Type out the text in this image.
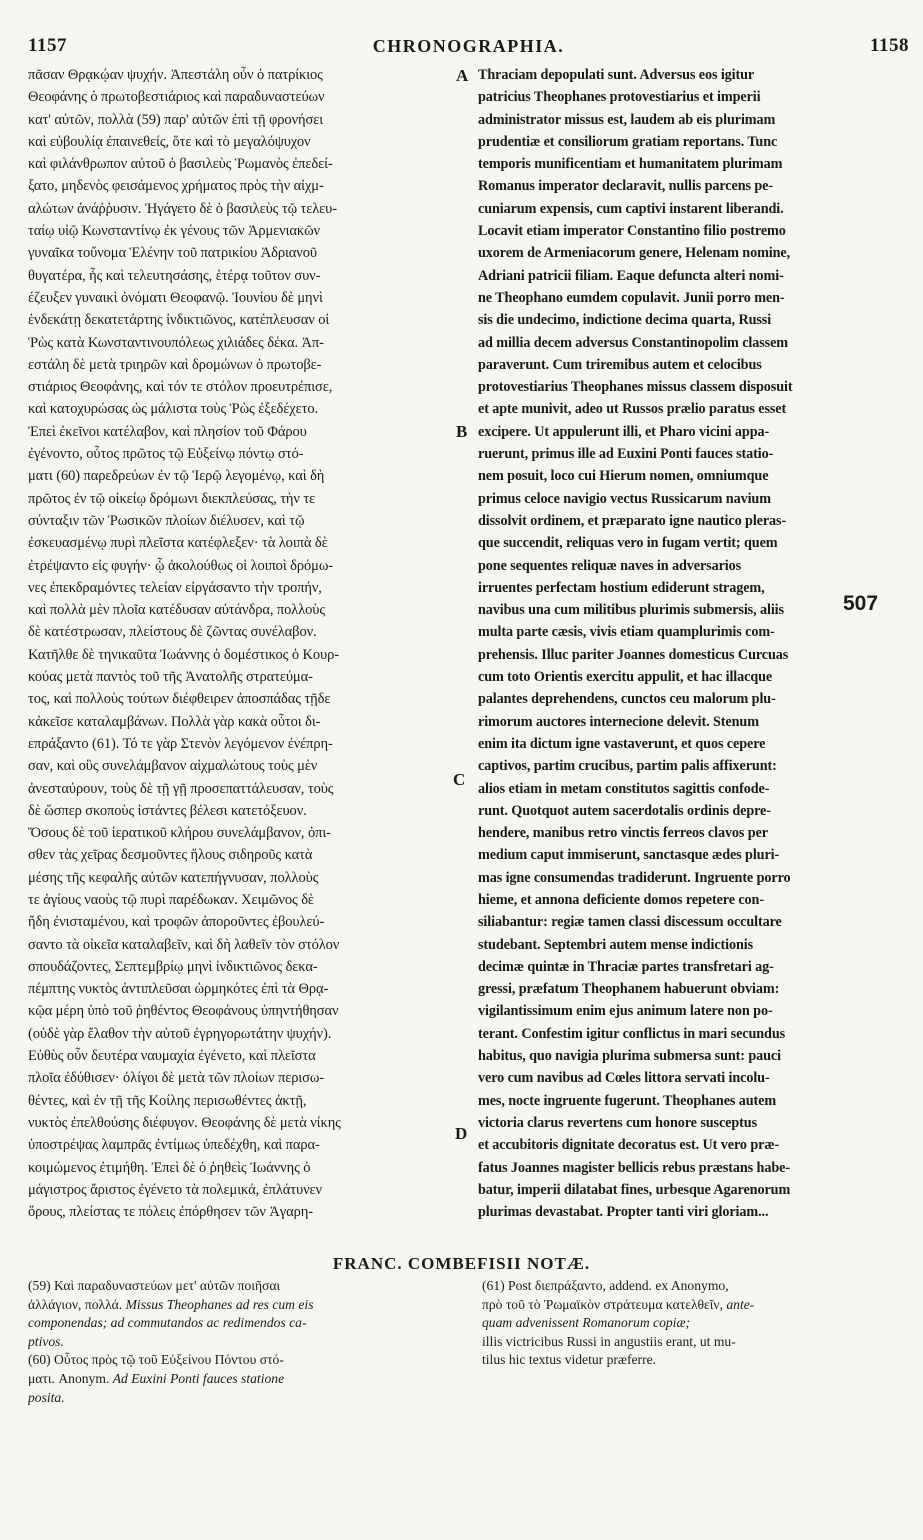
1157	CHRONOGRAPHIA.	1158
πᾶσαν Θρᾳκῴαν ψυχήν. Ἀπεστάλη οὖν ὁ πατρίκιος
Θεοφάνης ὁ πρωτοβεστιάριος καὶ παραδυναστεύων
κατ' αὐτῶν, πολλὰ (59) παρ' αὐτῶν ἐπὶ τῇ φρονήσει
καὶ εὐβουλίᾳ ἐπαινεθείς, ὅτε καὶ τὸ μεγαλόψυχον
καὶ φιλάνθρωπον αὐτοῦ ὁ βασιλεὺς Ῥωμανὸς ἐπεδεί-
ξατο, μηδενὸς φεισάμενος χρήματος πρὸς τὴν αἰχμ-
αλώτων ἀνάῤῥυσιν. Ἠγάγετο δὲ ὁ βασιλεὺς τῷ τελευ-
ταίῳ υἱῷ Κωνσταντίνῳ ἐκ γένους τῶν Ἀρμενιακῶν
γυναῖκα τοὔνομα Ἑλένην τοῦ πατρικίου Ἀδριανοῦ
θυγατέρα, ἧς καὶ τελευτησάσης, ἑτέρᾳ τοῦτον συν-
έζευξεν γυναικὶ ὀνόματι Θεοφανῷ. Ἰουνίου δὲ μηνὶ
ἑνδεκάτῃ δεκατετάρτης ἰνδικτιῶνος, κατέπλευσαν οἱ
Ῥὼς κατὰ Κωνσταντινουπόλεως χιλιάδες δέκα. Ἀπ-
εστάλη δὲ μετὰ τριηρῶν καὶ δρομώνων ὁ πρωτοβε-
στιάριος Θεοφάνης, καὶ τόν τε στόλον προευτρέπισε,
καὶ κατοχυρώσας ὡς μάλιστα τοὺς Ῥὼς ἐξεδέχετο.
Ἐπεὶ ἐκεῖνοι κατέλαβον, καὶ πλησίον τοῦ Φάρου
ἐγένοντο, οὗτος πρῶτος τῷ Εὐξείνῳ πόντῳ στό-
ματι (60) παρεδρεύων ἐν τῷ Ἱερῷ λεγομένῳ, καὶ δὴ
πρῶτος ἐν τῷ οἰκείῳ δρόμωνι διεκπλεύσας, τὴν τε
σύνταξιν τῶν Ῥωσικῶν πλοίων διέλυσεν, καὶ τῷ
ἐσκευασμένῳ πυρὶ πλεῖστα κατέφλεξεν· τὰ λοιπὰ δὲ
ἐτρέψαντο εἰς φυγήν· ᾧ ἀκολούθως οἱ λοιποὶ δρόμω-
νες ἐπεκδραμόντες τελείαν εἰργάσαντο τὴν τροπήν,
καὶ πολλὰ μὲν πλοῖα κατέδυσαν αὐτάνδρα, πολλοὺς
δὲ κατέστρωσαν, πλείστους δὲ ζῶντας συνέλαβον.
Κατῆλθε δὲ τηνικαῦτα Ἰωάννης ὁ δομέστικος ὁ Κουρ-
κούας μετὰ παντὸς τοῦ τῆς Ἀνατολῆς στρατεύμα-
τος, καὶ πολλοὺς τούτων διέφθειρεν ἀποσπάδας τῇδε
κἀκεῖσε καταλαμβάνων. Πολλὰ γὰρ κακὰ οὗτοι δι-
επράξαντο (61). Τό τε γὰρ Στενὸν λεγόμενον ἐνέπρη-
σαν, καὶ οὓς συνελάμβανον αἰχμαλώτους τοὺς μὲν
ἀνεσταύρουν, τοὺς δὲ τῇ γῇ προσεπαττάλευσαν, τοὺς
δὲ ὥσπερ σκοποὺς ἱστάντες βέλεσι κατετόξευον.
Ὅσους δὲ τοῦ ἱερατικοῦ κλήρου συνελάμβανον, ὀπι-
σθεν τὰς χεῖρας δεσμοῦντες ἥλους σιδηροῦς κατὰ
μέσης τῆς κεφαλῆς αὐτῶν κατεπήγνυσαν, πολλοὺς
τε ἁγίους ναοὺς τῷ πυρὶ παρέδωκαν. Χειμῶνος δὲ
ἤδη ἐνισταμένου, καὶ τροφῶν ἀποροῦντες ἐβουλεύ-
σαντο τὰ οἰκεῖα καταλαβεῖν, καὶ δὴ λαθεῖν τὸν στόλον
σπουδάζοντες, Σεπτεμβρίῳ μηνὶ ἰνδικτιῶνος δεκα-
πέμπτης νυκτὸς ἀντιπλεῦσαι ὡρμηκότες ἐπὶ τὰ Θρᾳ-
κῷα μέρη ὑπὸ τοῦ ῥηθέντος Θεοφάνους ὑπηντήθησαν
(οὐδὲ γὰρ ἔλαθον τὴν αὐτοῦ ἐγρηγορωτάτην ψυχήν).
Εὐθὺς οὖν δευτέρα ναυμαχία ἐγένετο, καὶ πλεῖστα
πλοῖα ἐδύθισεν· ὀλίγοι δὲ μετὰ τῶν πλοίων περισω-
θέντες, καὶ ἐν τῇ τῆς Κοίλης περισωθέντες ἀκτῇ,
νυκτὸς ἐπελθούσης διέφυγον. Θεοφάνης δὲ μετὰ νίκης
ὑποστρέψας λαμπρᾶς ἐντίμως ὑπεδέχθη, καὶ παρα-
κοιμώμενος ἐτιμήθη. Ἐπεὶ δὲ ὁ ῥηθεὶς Ἰωάννης ὁ
μάγιστρος ἄριστος ἐγένετο τὰ πολεμικά, ἐπλάτυνεν
ὅρους, πλείστας τε πόλεις ἐπόρθησεν τῶν Ἀγαρη-
Thraciam depopulati sunt. Adversus eos igitur
patricius Theophanes protovestiarius et imperii
administrator missus est, laudem ab eis plurimam
prudentiæ et consiliorum gratiam reportans. Tunc
temporis munificentiam et humanitatem plurimam
Romanus imperator declaravit, nullis parcens pe-
cuniarum expensis, cum captivi instarent liberandi.
Locavit etiam imperator Constantino filio postremo
uxorem de Armeniacorum genere, Helenam nomine,
Adriani patricii filiam. Eaque defuncta alteri nomi-
ne Theophano eumdem copulavit. Junii porro men-
sis die undecimo, indictione decima quarta, Russi
ad millia decem adversus Constantinopolim classem
paraverunt. Cum triremibus autem et celocibus
protovestiarius Theophanes missus classem disposuit
et apte munivit, adeo ut Russos prælio paratus esset
excipere. Ut appulerunt illi, et Pharo vicini appa-
ruerunt, primus ille ad Euxini Ponti fauces statio-
nem posuit, loco cui Hierum nomen, omniumque
primus celoce navigio vectus Russicarum navium
dissolvit ordinem, et præparato igne nautico pleras-
que succendit, reliquas vero in fugam vertit; quem
pone sequentes reliquæ naves in adversarios
irruentes perfectam hostium ediderunt stragem,
navibus una cum militibus plurimis submersis, aliis
multa parte cæsis, vivis etiam quamplurimis com-
prehensis. Illuc pariter Joannes domesticus Curcuas
cum toto Orientis exercitu appulit, et hac illacque
palantes deprehendens, cunctos ceu malorum plu-
rimorum auctores internecione delevit. Stenum
enim ita dictum igne vastaverunt, et quos cepere
captivos, partim crucibus, partim palis affixerunt:
alios etiam in metam constitutos sagittis confode-
runt. Quotquot autem sacerdotalis ordinis depre-
hendere, manibus retro vinctis ferreos clavos per
medium caput immiserunt, sanctasque ædes pluri-
mas igne consumendas tradiderunt. Ingruente porro
hieme, et annona deficiente domos repetere con-
siliabantur: regiæ tamen classi discessum occultare
studebant. Septembri autem mense indictionis
decimæ quintæ in Thraciæ partes transfretari ag-
gressi, præfatum Theophanem habuerunt obviam:
vigilantissimum enim ejus animum latere non po-
terant. Confestim igitur conflictus in mari secundus
habitus, quo navigia plurima submersa sunt: pauci
vero cum navibus ad Cœles littora servati incolu-
mes, nocte ingruente fugerunt. Theophanes autem
victoria clarus revertens cum honore susceptus
et accubitoris dignitate decoratus est. Ut vero præ-
fatus Joannes magister bellicis rebus præstans habe-
batur, imperii dilatabat fines, urbesque Agarenorum
plurimas devastabat. Propter tanti viri gloriam...
A
B
C
D
507
FRANC. COMBEFISII NOTÆ.
(59) Καὶ παραδυναστεύων μετ' αὐτῶν ποιῆσαι
ἀλλάγιον, πολλά. Missus Theophanes ad res cum eis
componendas; ad commutandos ac redimendos ca-
ptivos.
(60) Οὗτος πρὸς τῷ τοῦ Εὐξείνου Πόντου στό-
ματι. Anonym. Ad Euxini Ponti fauces statione
posita.
(61) Post διεπράξαντο, addend. ex Anonymo,
πρὸ τοῦ τὸ Ῥωμαϊκὸν στράτευμα κατελθεῖν, ante-
quam advenissent Romanorum copiæ;
illis victricibus Russi in angustiis erant, ut mu-
tilus hic textus videtur præferre.
